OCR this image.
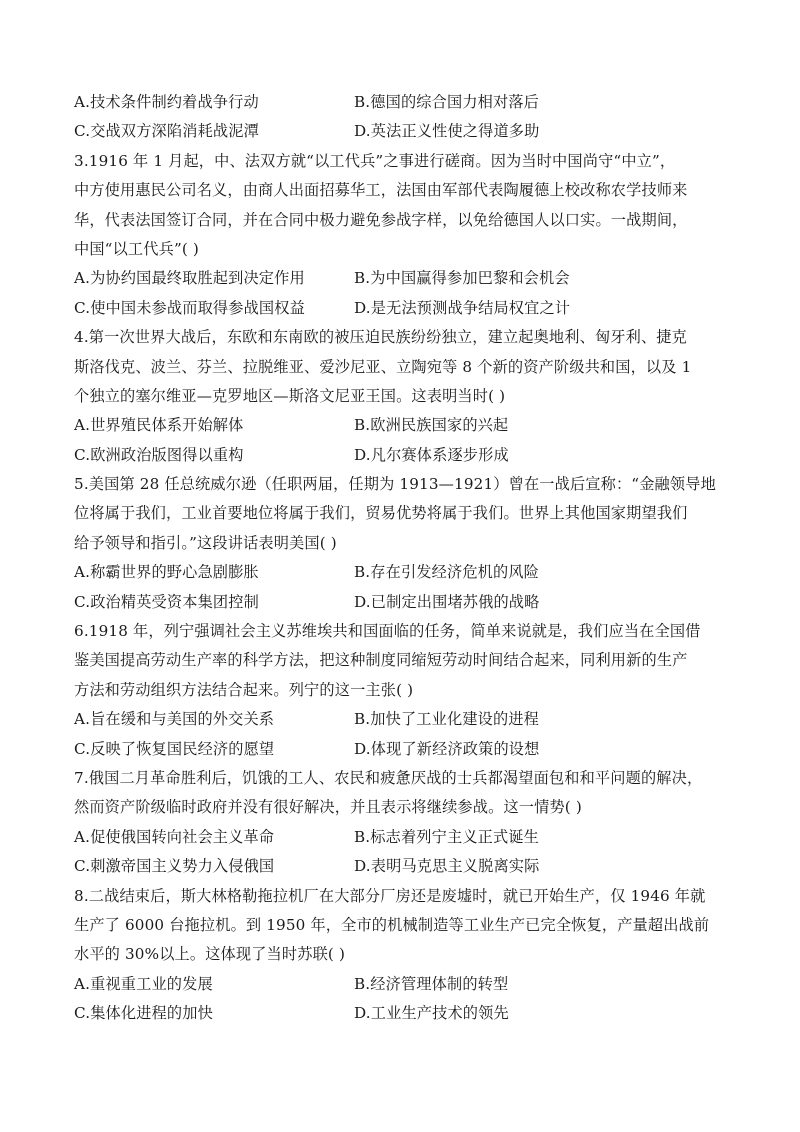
A.技术条件制约着战争行动	B.德国的综合国力相对落后
C.交战双方深陷消耗战泥潭	D.英法正义性使之得道多助
3.1916 年 1 月起，中、法双方就“以工代兵”之事进行磋商。因为当时中国尚守“中立”，
中方使用惠民公司名义，由商人出面招募华工，法国由军部代表陶履德上校改称农学技师来
华，代表法国签订合同，并在合同中极力避免参战字样，以免给德国人以口实。一战期间，
中国“以工代兵”( )
A.为协约国最终取胜起到决定作用	B.为中国赢得参加巴黎和会机会
C.使中国未参战而取得参战国权益	D.是无法预测战争结局权宜之计
4.第一次世界大战后，东欧和东南欧的被压迫民族纷纷独立，建立起奥地利、匈牙利、捷克
斯洛伐克、波兰、芬兰、拉脱维亚、爱沙尼亚、立陶宛等 8 个新的资产阶级共和国，以及 1
个独立的塞尔维亚—克罗地区—斯洛文尼亚王国。这表明当时( )
A.世界殖民体系开始解体	B.欧洲民族国家的兴起
C.欧洲政治版图得以重构	D.凡尔赛体系逐步形成
5.美国第 28 任总统威尔逊（任职两届，任期为 1913—1921）曾在一战后宣称：“金融领导地
位将属于我们，工业首要地位将属于我们，贸易优势将属于我们。世界上其他国家期望我们
给予领导和指引。”这段讲话表明美国( )
A.称霸世界的野心急剧膨胀	B.存在引发经济危机的风险
C.政治精英受资本集团控制	D.已制定出围堵苏俄的战略
6.1918 年，列宁强调社会主义苏维埃共和国面临的任务，简单来说就是，我们应当在全国借
鉴美国提高劳动生产率的科学方法，把这种制度同缩短劳动时间结合起来，同利用新的生产
方法和劳动组织方法结合起来。列宁的这一主张( )
A.旨在缓和与美国的外交关系	B.加快了工业化建设的进程
C.反映了恢复国民经济的愿望	D.体现了新经济政策的设想
7.俄国二月革命胜利后，饥饿的工人、农民和疲惫厌战的士兵都渴望面包和和平问题的解决，
然而资产阶级临时政府并没有很好解决，并且表示将继续参战。这一情势( )
A.促使俄国转向社会主义革命	B.标志着列宁主义正式诞生
C.刺激帝国主义势力入侵俄国	D.表明马克思主义脱离实际
8.二战结束后，斯大林格勒拖拉机厂在大部分厂房还是废墟时，就已开始生产，仅 1946 年就
生产了 6000 台拖拉机。到 1950 年，全市的机械制造等工业生产已完全恢复，产量超出战前
水平的 30%以上。这体现了当时苏联( )
A.重视重工业的发展	B.经济管理体制的转型
C.集体化进程的加快	D.工业生产技术的领先
